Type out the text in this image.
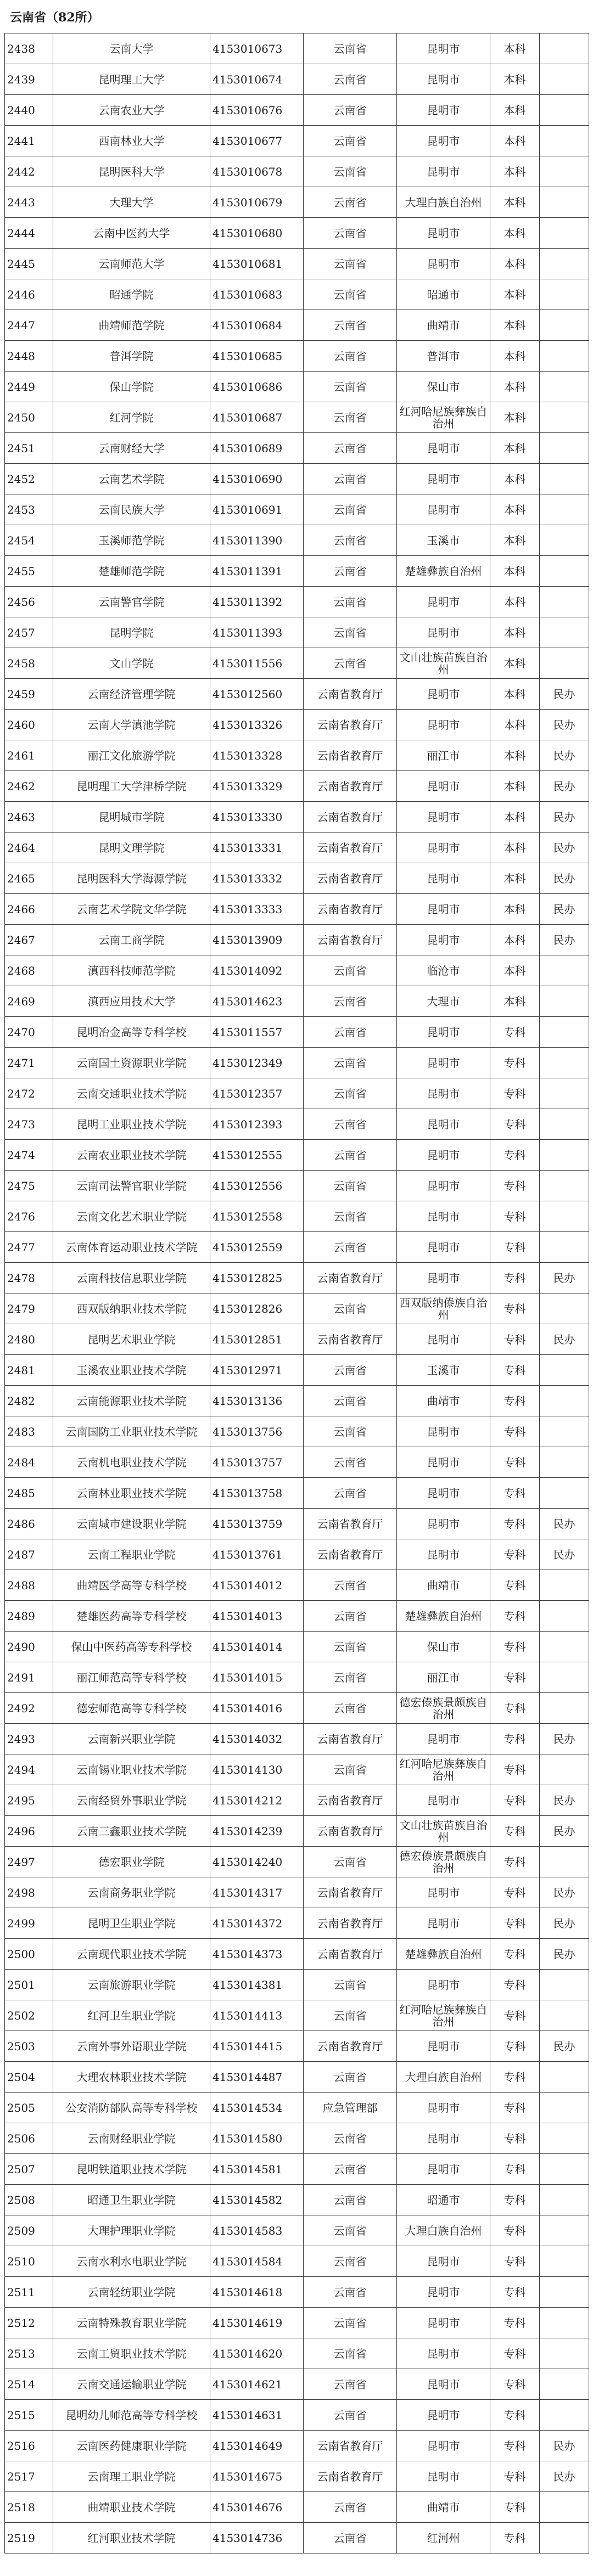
云南省（82所）
2438	云南大学	4153010673	云南省	昆明市	本科	
2439	昆明理工大学	4153010674	云南省	昆明市	本科	
2440	云南农业大学	4153010676	云南省	昆明市	本科	
2441	西南林业大学	4153010677	云南省	昆明市	本科	
2442	昆明医科大学	4153010678	云南省	昆明市	本科	
2443	大理大学	4153010679	云南省	大理白族自治州	本科	
2444	云南中医药大学	4153010680	云南省	昆明市	本科	
2445	云南师范大学	4153010681	云南省	昆明市	本科	
2446	昭通学院	4153010683	云南省	昭通市	本科	
2447	曲靖师范学院	4153010684	云南省	曲靖市	本科	
2448	普洱学院	4153010685	云南省	普洱市	本科	
2449	保山学院	4153010686	云南省	保山市	本科	
2450	红河学院	4153010687	云南省	红河哈尼族彝族自治州	本科	
2451	云南财经大学	4153010689	云南省	昆明市	本科	
2452	云南艺术学院	4153010690	云南省	昆明市	本科	
2453	云南民族大学	4153010691	云南省	昆明市	本科	
2454	玉溪师范学院	4153011390	云南省	玉溪市	本科	
2455	楚雄师范学院	4153011391	云南省	楚雄彝族自治州	本科	
2456	云南警官学院	4153011392	云南省	昆明市	本科	
2457	昆明学院	4153011393	云南省	昆明市	本科	
2458	文山学院	4153011556	云南省	文山壮族苗族自治州	本科	
2459	云南经济管理学院	4153012560	云南省教育厅	昆明市	本科	民办
2460	云南大学滇池学院	4153013326	云南省教育厅	昆明市	本科	民办
2461	丽江文化旅游学院	4153013328	云南省教育厅	丽江市	本科	民办
2462	昆明理工大学津桥学院	4153013329	云南省教育厅	昆明市	本科	民办
2463	昆明城市学院	4153013330	云南省教育厅	昆明市	本科	民办
2464	昆明文理学院	4153013331	云南省教育厅	昆明市	本科	民办
2465	昆明医科大学海源学院	4153013332	云南省教育厅	昆明市	本科	民办
2466	云南艺术学院文华学院	4153013333	云南省教育厅	昆明市	本科	民办
2467	云南工商学院	4153013909	云南省教育厅	昆明市	本科	民办
2468	滇西科技师范学院	4153014092	云南省	临沧市	本科	
2469	滇西应用技术大学	4153014623	云南省	大理市	本科	
2470	昆明冶金高等专科学校	4153011557	云南省	昆明市	专科	
2471	云南国土资源职业学院	4153012349	云南省	昆明市	专科	
2472	云南交通职业技术学院	4153012357	云南省	昆明市	专科	
2473	昆明工业职业技术学院	4153012393	云南省	昆明市	专科	
2474	云南农业职业技术学院	4153012555	云南省	昆明市	专科	
2475	云南司法警官职业学院	4153012556	云南省	昆明市	专科	
2476	云南文化艺术职业学院	4153012558	云南省	昆明市	专科	
2477	云南体育运动职业技术学院	4153012559	云南省	昆明市	专科	
2478	云南科技信息职业学院	4153012825	云南省教育厅	昆明市	专科	民办
2479	西双版纳职业技术学院	4153012826	云南省	西双版纳傣族自治州	专科	
2480	昆明艺术职业学院	4153012851	云南省教育厅	昆明市	专科	民办
2481	玉溪农业职业技术学院	4153012971	云南省	玉溪市	专科	
2482	云南能源职业技术学院	4153013136	云南省	曲靖市	专科	
2483	云南国防工业职业技术学院	4153013756	云南省	昆明市	专科	
2484	云南机电职业技术学院	4153013757	云南省	昆明市	专科	
2485	云南林业职业技术学院	4153013758	云南省	昆明市	专科	
2486	云南城市建设职业学院	4153013759	云南省教育厅	昆明市	专科	民办
2487	云南工程职业学院	4153013761	云南省教育厅	昆明市	专科	民办
2488	曲靖医学高等专科学校	4153014012	云南省	曲靖市	专科	
2489	楚雄医药高等专科学校	4153014013	云南省	楚雄彝族自治州	专科	
2490	保山中医药高等专科学校	4153014014	云南省	保山市	专科	
2491	丽江师范高等专科学校	4153014015	云南省	丽江市	专科	
2492	德宏师范高等专科学校	4153014016	云南省	德宏傣族景颇族自治州	专科	
2493	云南新兴职业学院	4153014032	云南省教育厅	昆明市	专科	民办
2494	云南锡业职业技术学院	4153014130	云南省	红河哈尼族彝族自治州	专科	
2495	云南经贸外事职业学院	4153014212	云南省教育厅	昆明市	专科	民办
2496	云南三鑫职业技术学院	4153014239	云南省教育厅	文山壮族苗族自治州	专科	民办
2497	德宏职业学院	4153014240	云南省	德宏傣族景颇族自治州	专科	
2498	云南商务职业学院	4153014317	云南省教育厅	昆明市	专科	民办
2499	昆明卫生职业学院	4153014372	云南省教育厅	昆明市	专科	民办
2500	云南现代职业技术学院	4153014373	云南省教育厅	楚雄彝族自治州	专科	民办
2501	云南旅游职业学院	4153014381	云南省	昆明市	专科	
2502	红河卫生职业学院	4153014413	云南省	红河哈尼族彝族自治州	专科	
2503	云南外事外语职业学院	4153014415	云南省教育厅	昆明市	专科	民办
2504	大理农林职业技术学院	4153014487	云南省	大理白族自治州	专科	
2505	公安消防部队高等专科学校	4153014534	应急管理部	昆明市	专科	
2506	云南财经职业学院	4153014580	云南省	昆明市	专科	
2507	昆明铁道职业技术学院	4153014581	云南省	昆明市	专科	
2508	昭通卫生职业学院	4153014582	云南省	昭通市	专科	
2509	大理护理职业学院	4153014583	云南省	大理白族自治州	专科	
2510	云南水利水电职业学院	4153014584	云南省	昆明市	专科	
2511	云南轻纺职业学院	4153014618	云南省	昆明市	专科	
2512	云南特殊教育职业学院	4153014619	云南省	昆明市	专科	
2513	云南工贸职业技术学院	4153014620	云南省	昆明市	专科	
2514	云南交通运输职业学院	4153014621	云南省	昆明市	专科	
2515	昆明幼儿师范高等专科学校	4153014631	云南省	昆明市	专科	
2516	云南医药健康职业学院	4153014649	云南省教育厅	昆明市	专科	民办
2517	云南理工职业学院	4153014675	云南省教育厅	昆明市	专科	民办
2518	曲靖职业技术学院	4153014676	云南省	曲靖市	专科	
2519	红河职业技术学院	4153014736	云南省	红河州	专科	
